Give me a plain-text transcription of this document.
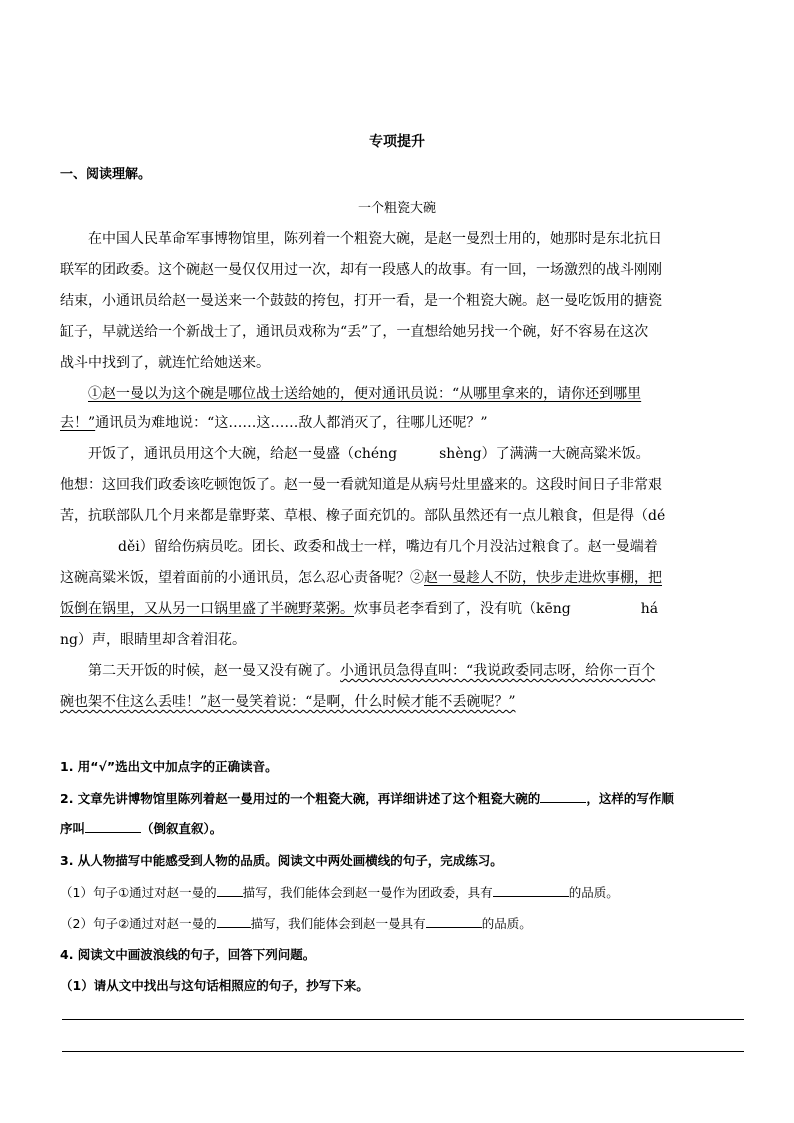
专项提升
一、阅读理解。
一个粗瓷大碗
在中国人民革命军事博物馆里，陈列着一个粗瓷大碗，是赵一曼烈士用的，她那时是东北抗日
联军的团政委。这个碗赵一曼仅仅用过一次，却有一段感人的故事。有一回，一场激烈的战斗刚刚
结束，小通讯员给赵一曼送来一个鼓鼓的挎包，打开一看，是一个粗瓷大碗。赵一曼吃饭用的搪瓷
缸子，早就送给一个新战士了，通讯员戏称为“丢”了，一直想给她另找一个碗，好不容易在这次
战斗中找到了，就连忙给她送来。
①赵一曼以为这个碗是哪位战士送给她的，便对通讯员说：“从哪里拿来的，请你还到哪里
去！”通讯员为难地说：“这……这……敌人都消灭了，往哪儿还呢？”
开饭了，通讯员用这个大碗，给赵一曼盛（chéng　　　shèng）了满满一大碗高粱米饭。
他想：这回我们政委该吃顿饱饭了。赵一曼一看就知道是从病号灶里盛来的。这段时间日子非常艰
苦，抗联部队几个月来都是靠野菜、草根、橡子面充饥的。部队虽然还有一点儿粮食，但是得（dé
děi）留给伤病员吃。团长、政委和战士一样，嘴边有几个月没沾过粮食了。赵一曼端着
这碗高粱米饭，望着面前的小通讯员，怎么忍心责备呢？②赵一曼趁人不防，快步走进炊事棚，把
饭倒在锅里，又从另一口锅里盛了半碗野菜粥。炊事员老李看到了，没有吭（kēng　　　　　há
ng）声，眼睛里却含着泪花。
第二天开饭的时候，赵一曼又没有碗了。小通讯员急得直叫：“我说政委同志呀，给你一百个
碗也架不住这么丢哇！”赵一曼笑着说：“是啊，什么时候才能不丢碗呢？”
1. 用“√”选出文中加点字的正确读音。
2. 文章先讲博物馆里陈列着赵一曼用过的一个粗瓷大碗，再详细讲述了这个粗瓷大碗的	，这样的写作顺
序叫	（倒叙直叙）。
3. 从人物描写中能感受到人物的品质。阅读文中两处画横线的句子，完成练习。
（1）句子①通过对赵一曼的 描写，我们能体会到赵一曼作为团政委，具有	的品质。
（2）句子②通过对赵一曼的	描写，我们能体会到赵一曼具有	的品质。
4. 阅读文中画波浪线的句子，回答下列问题。
（1）请从文中找出与这句话相照应的句子，抄写下来。
